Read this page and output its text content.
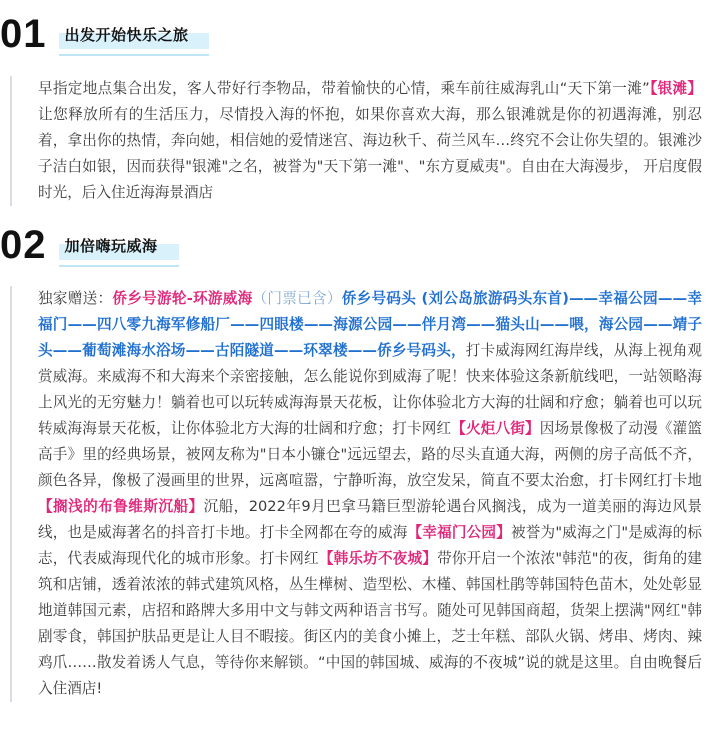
01 出发开始快乐之旅
早指定地点集合出发，客人带好行李物品，带着愉快的心情，乘车前往威海乳山“天下第一滩”【银滩】让您释放所有的生活压力，尽情投入海的怀抱，如果你喜欢大海，那么银滩就是你的初遇海滩，别忍着，拿出你的热情，奔向她，相信她的爱情迷宫、海边秋千、荷兰风车…终究不会让你失望的。银滩沙子洁白如银，因而获得"银滩"之名，被誉为"天下第一滩"、"东方夏威夷"。自由在大海漫步， 开启度假时光，后入住近海海景酒店
02 加倍嗨玩威海
独家赠送：侨乡号游轮-环游威海（门票已含）侨乡号码头 (刘公岛旅游码头东首)——幸福公园——幸福门——四八零九海军修船厂——四眼楼——海源公园——伴月湾——猫头山——喂，海公园——靖子头——葡萄滩海水浴场——古陌隧道——环翠楼——侨乡号码头，打卡威海网红海岸线，从海上视角观赏威海。来威海不和大海来个亲密接触，怎么能说你到威海了呢！快来体验这条新航线吧，一站领略海上风光的无穷魅力！躺着也可以玩转威海海景天花板，让你体验北方大海的壮阔和疗愈；躺着也可以玩转威海海景天花板，让你体验北方大海的壮阔和疗愈；打卡网红【火炬八街】因场景像极了动漫《灌篮高手》里的经典场景，被网友称为"日本小镰仓"远远望去，路的尽头直通大海，两侧的房子高低不齐，颜色各异，像极了漫画里的世界，远离喧嚣，宁静听海，放空发呆，简直不要太治愈，打卡网红打卡地【搁浅的布鲁维斯沉船】沉船，2022年9月巴拿马籍巨型游轮遇台风搁浅，成为一道美丽的海边风景线，也是威海著名的抖音打卡地。打卡全网都在夸的威海【幸福门公园】被誉为"威海之门"是威海的标志，代表威海现代化的城市形象。打卡网红【韩乐坊不夜城】带你开启一个浓浓"韩范"的夜，街角的建筑和店铺，透着浓浓的韩式建筑风格，丛生樺树、造型松、木槿、韩国杜鹃等韩国特色苗木，处处彰显地道韩国元素，店招和路牌大多用中文与韩文两种语言书写。随处可见韩国商超，货架上摆满"网红"韩剧零食，韩国护肤品更是让人目不暇接。街区内的美食小摊上，芝士年糕、部队火锅、烤串、烤肉、辣鸡爪……散发着诱人气息，等待你来解锁。“中国的韩国城、威海的不夜城”说的就是这里。自由晚餐后入住酒店!
